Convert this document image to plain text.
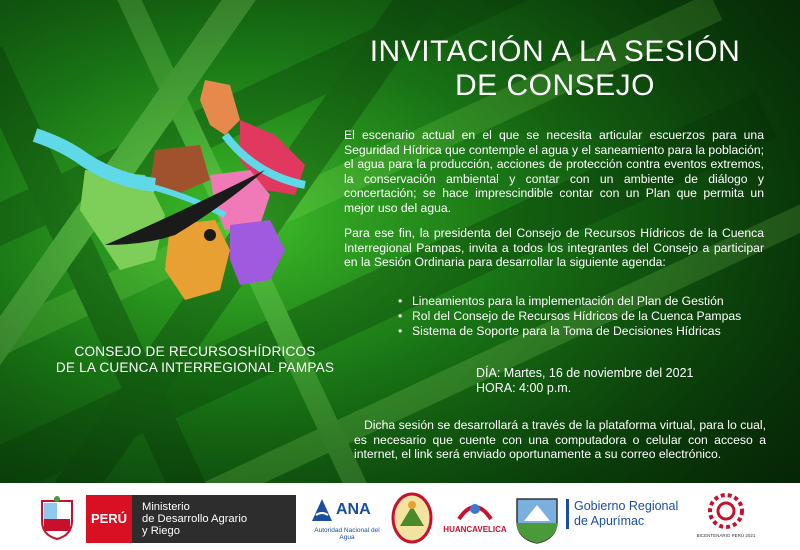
INVITACIÓN A LA SESIÓN
DE CONSEJO
El escenario actual en el que se necesita articular escuerzos para una Seguridad Hídrica que contemple el agua y el saneamiento para la población; el agua para la producción, acciones de protección contra eventos extremos, la conservación ambiental y contar con un ambiente de diálogo y concertación; se hace imprescindible contar con un Plan que permita un mejor uso del agua.
Para ese fin, la presidenta del Consejo de Recursos Hídricos de la Cuenca Interregional Pampas, invita a todos los integrantes del Consejo a participar en la Sesión Ordinaria para desarrollar la siguiente agenda:
• Lineamientos para la implementación del Plan de Gestión
• Rol del Consejo de Recursos Hídricos de la Cuenca Pampas
• Sistema de Soporte para la Toma de Decisiones Hídricas
DÍA: Martes, 16 de noviembre del 2021
HORA: 4:00 p.m.
Dicha sesión se desarrollará a través de la plataforma virtual, para lo cual, es necesario que cuente con una computadora o celular con acceso a internet, el link será enviado oportunamente a su correo electrónico.
CONSEJO DE RECURSOSHÍDRICOS
DE LA CUENCA INTERREGIONAL PAMPAS
PERÚ
Ministerio
de Desarrollo Agrario
y Riego
ANA
Autoridad Nacional del Agua
HUANCAVELICA
Gobierno Regional
de Apurímac
BICENTENARIO PERÚ 2021
